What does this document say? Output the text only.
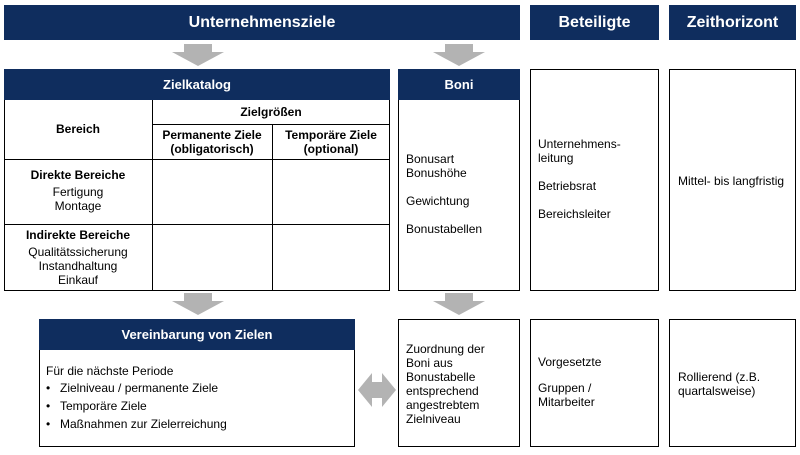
Unternehmensziele	Beteiligte	Zeithorizont
Zielkatalog
Bereich
Zielgrößen
Permanente Ziele
(obligatorisch)
Temporäre Ziele
(optional)
Direkte Bereiche
Fertigung
Montage
Indirekte Bereiche
Qualitätssicherung
Instandhaltung
Einkauf
Boni
Bonusart
Bonushöhe
Gewichtung
Bonustabellen
Unternehmens-
leitung
Betriebsrat
Bereichsleiter
Mittel- bis langfristig
Vereinbarung von Zielen
Für die nächste Periode
• Zielniveau / permanente Ziele
• Temporäre Ziele
• Maßnahmen zur Zielerreichung
Zuordnung der
Boni aus
Bonustabelle
entsprechend
angestrebtem
Zielniveau
Vorgesetzte
Gruppen /
Mitarbeiter
Rollierend (z.B.
quartalsweise)
